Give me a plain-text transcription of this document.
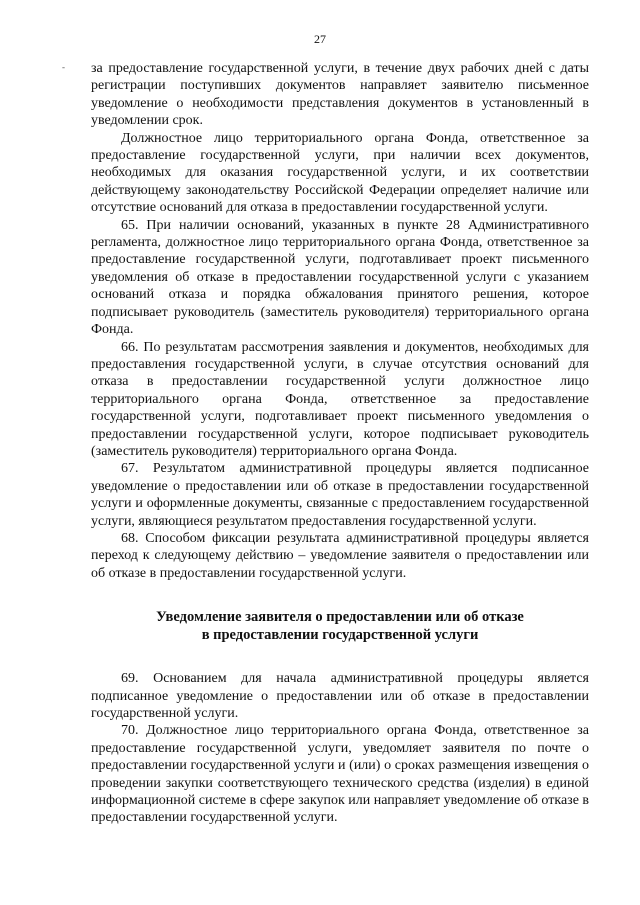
27
- за предоставление государственной услуги, в течение двух рабочих дней с даты регистрации поступивших документов направляет заявителю письменное уведомление о необходимости представления документов в установленный в уведомлении срок.

Должностное лицо территориального органа Фонда, ответственное за предоставление государственной услуги, при наличии всех документов, необходимых для оказания государственной услуги, и их соответствии действующему законодательству Российской Федерации определяет наличие или отсутствие оснований для отказа в предоставлении государственной услуги.

65. При наличии оснований, указанных в пункте 28 Административного регламента, должностное лицо территориального органа Фонда, ответственное за предоставление государственной услуги, подготавливает проект письменного уведомления об отказе в предоставлении государственной услуги с указанием оснований отказа и порядка обжалования принятого решения, которое подписывает руководитель (заместитель руководителя) территориального органа Фонда.

66. По результатам рассмотрения заявления и документов, необходимых для предоставления государственной услуги, в случае отсутствия оснований для отказа в предоставлении государственной услуги должностное лицо территориального органа Фонда, ответственное за предоставление государственной услуги, подготавливает проект письменного уведомления о предоставлении государственной услуги, которое подписывает руководитель (заместитель руководителя) территориального органа Фонда.

67. Результатом административной процедуры является подписанное уведомление о предоставлении или об отказе в предоставлении государственной услуги и оформленные документы, связанные с предоставлением государственной услуги, являющиеся результатом предоставления государственной услуги.

68. Способом фиксации результата административной процедуры является переход к следующему действию – уведомление заявителя о предоставлении или об отказе в предоставлении государственной услуги.

Уведомление заявителя о предоставлении или об отказе
в предоставлении государственной услуги

69. Основанием для начала административной процедуры является подписанное уведомление о предоставлении или об отказе в предоставлении государственной услуги.

70. Должностное лицо территориального органа Фонда, ответственное за предоставление государственной услуги, уведомляет заявителя по почте о предоставлении государственной услуги и (или) о сроках размещения извещения о проведении закупки соответствующего технического средства (изделия) в единой информационной системе в сфере закупок или направляет уведомление об отказе в предоставлении государственной услуги.
